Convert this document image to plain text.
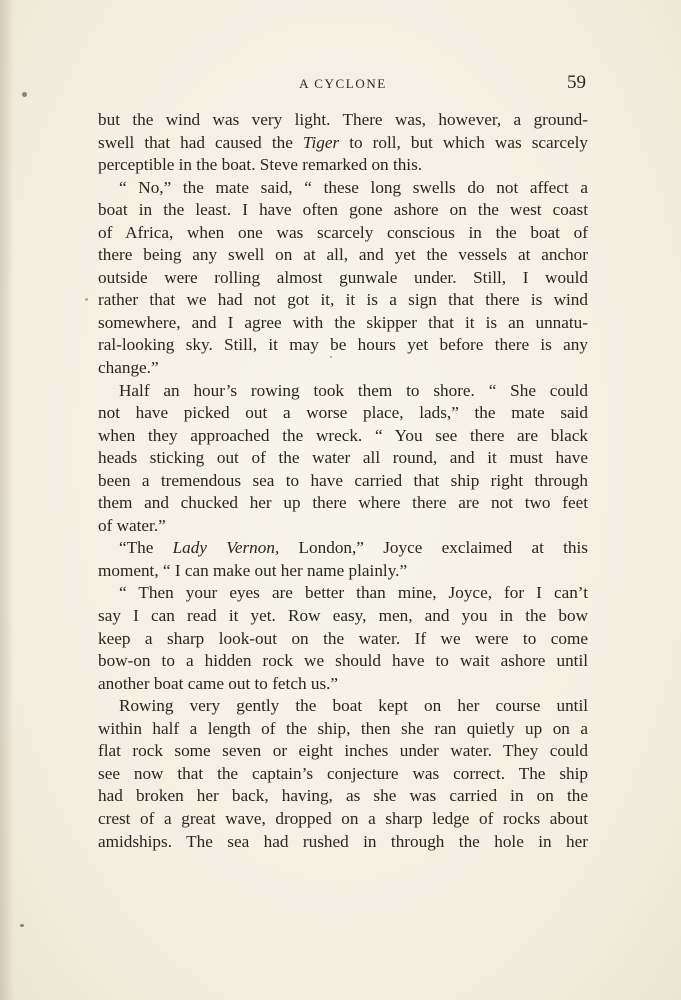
A CYCLONE	59
but the wind was very light. There was, however, a ground-
swell that had caused the Tiger to roll, but which was scarcely
perceptible in the boat. Steve remarked on this.
“ No,” the mate said, “ these long swells do not affect a
boat in the least. I have often gone ashore on the west coast
of Africa, when one was scarcely conscious in the boat of
there being any swell on at all, and yet the vessels at anchor
outside were rolling almost gunwale under. Still, I would
rather that we had not got it, it is a sign that there is wind
somewhere, and I agree with the skipper that it is an unnatu-
ral-looking sky. Still, it may be hours yet before there is any
change.”
Half an hour’s rowing took them to shore. “ She could
not have picked out a worse place, lads,” the mate said
when they approached the wreck. “ You see there are black
heads sticking out of the water all round, and it must have
been a tremendous sea to have carried that ship right through
them and chucked her up there where there are not two feet
of water.”
“The Lady Vernon, London,” Joyce exclaimed at this
moment, “ I can make out her name plainly.”
“ Then your eyes are better than mine, Joyce, for I can’t
say I can read it yet. Row easy, men, and you in the bow
keep a sharp look-out on the water. If we were to come
bow-on to a hidden rock we should have to wait ashore until
another boat came out to fetch us.”
Rowing very gently the boat kept on her course until
within half a length of the ship, then she ran quietly up on a
flat rock some seven or eight inches under water. They could
see now that the captain’s conjecture was correct. The ship
had broken her back, having, as she was carried in on the
crest of a great wave, dropped on a sharp ledge of rocks about
amidships. The sea had rushed in through the hole in her
